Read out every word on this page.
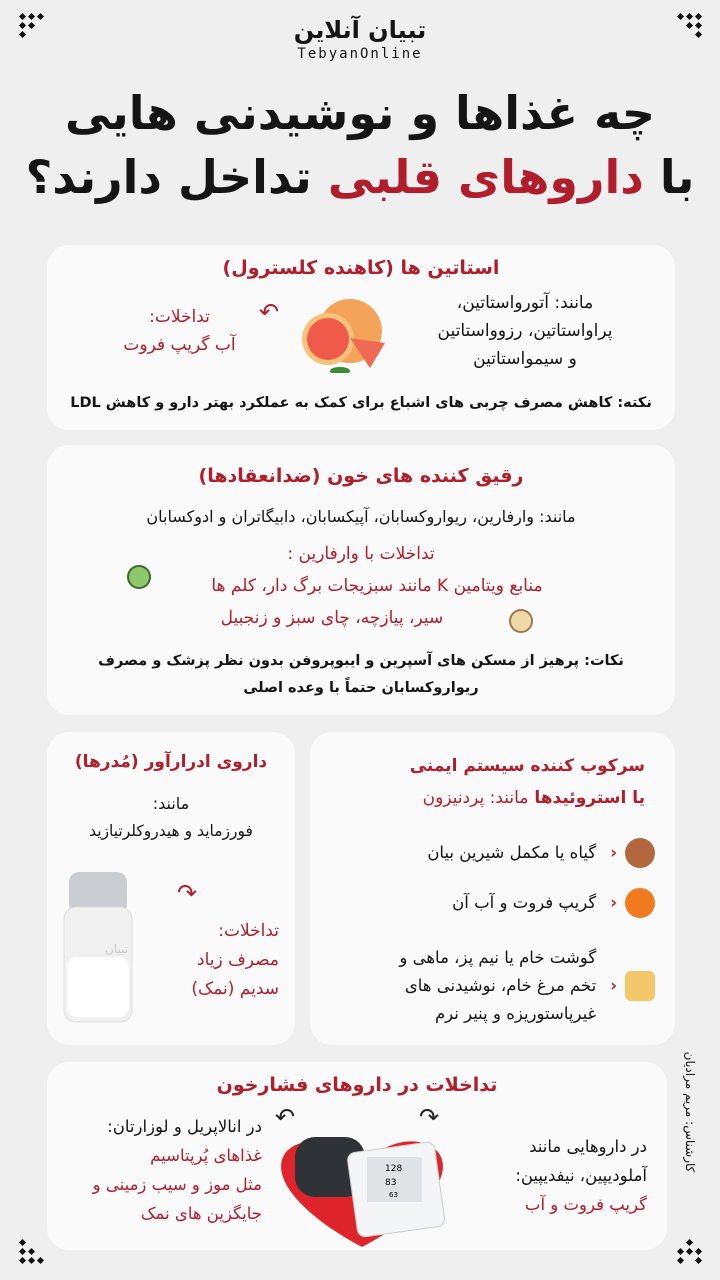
تبیان آنلاین
TebyanOnline
چه غذاها و نوشیدنی هایی
با داروهای قلبی تداخل دارند؟
استاتین ها (کاهنده کلسترول)
مانند: آتورواستاتین،
پراواستاتین، رزوواستاتین
و سیمواستاتین
↶
تداخلات:
آب گریپ فروت
نکته: کاهش مصرف چربی های اشباع برای کمک به عملکرد بهتر دارو و کاهش LDL
رقیق کننده های خون (ضدانعقادها)
مانند: وارفارین، ریواروکسابان، آپیکسابان، دابیگاتران و ادوکسابان
تداخلات با وارفارین :
منابع ویتامین K مانند سبزیجات برگ دار، کلم ها
سیر، پیازچه، چای سبز و زنجبیل
نکات: پرهیز از مسکن های آسپرین و ایبوپروفن بدون نظر پزشک و مصرف
ریواروکسابان حتماً با وعده اصلی
داروی ادرارآور (مُدرها)
مانند:
فورزماید و هیدروکلرتیازید
تبیان
↷
تداخلات:
مصرف زیاد
سدیم (نمک)
سرکوب کننده سیستم ایمنی
یا استروئیدها مانند: پردنیزون
‹
گیاه یا مکمل شیرین بیان
‹
گریپ فروت و آب آن
‹
گوشت خام یا نیم پز، ماهی و
تخم مرغ خام، نوشیدنی های
غیرپاستوریزه و پنیر نرم
تداخلات در داروهای فشارخون
در انالاپریل و لوزارتان:
غذاهای پُرپتاسیم
مثل موز و سیب زمینی و
جایگزین های نمک
↶	↷
128
83
63
در داروهایی مانند
آملودیپین، نیفدیپین:
گریپ فروت و آب
کارشناس: مریم مرادیان
